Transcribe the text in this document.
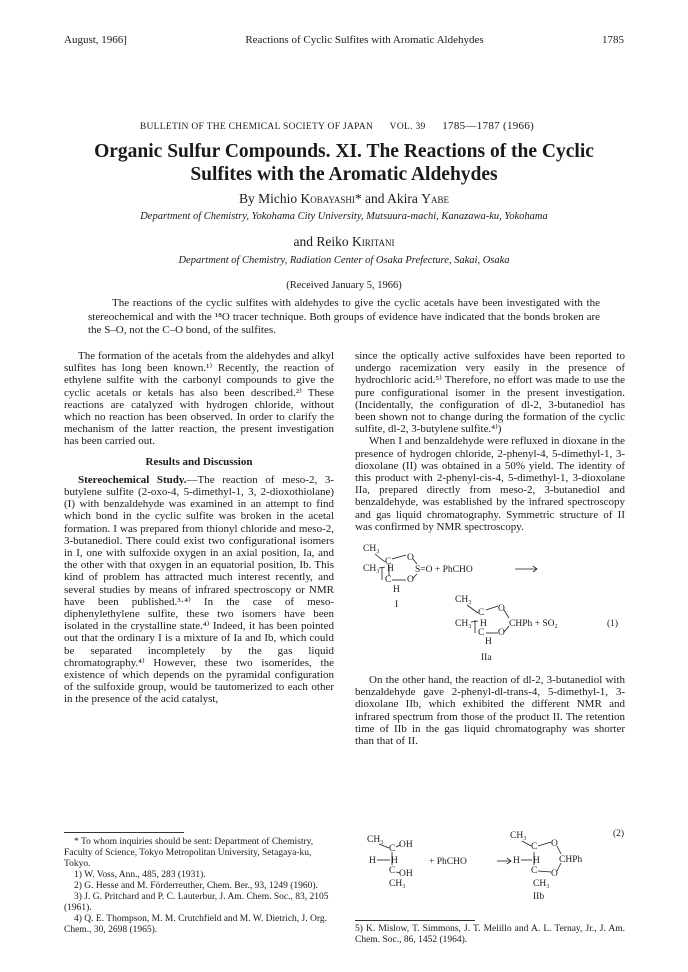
August, 1966]	Reactions of Cyclic Sulfites with Aromatic Aldehydes	1785
BULLETIN OF THE CHEMICAL SOCIETY OF JAPAN VOL. 39 1785—1787 (1966)
Organic Sulfur Compounds. XI. The Reactions of the Cyclic
Sulfites with the Aromatic Aldehydes
By Michio Kobayashi* and Akira Yabe
Department of Chemistry, Yokohama City University, Mutsuura-machi, Kanazawa-ku, Yokohama
and Reiko Kiritani
Department of Chemistry, Radiation Center of Osaka Prefecture, Sakai, Osaka
(Received January 5, 1966)
The reactions of the cyclic sulfites with aldehydes to give the cyclic acetals have been investigated with the stereochemical and with the ¹⁸O tracer technique. Both groups of evidence have indicated that the bonds broken are the S–O, not the C–O bond, of the sulfites.

The formation of the acetals from the aldehydes and alkyl sulfites has long been known.¹⁾ Recently, the reaction of ethylene sulfite with the carbonyl compounds to give the cyclic acetals or ketals has also been described.²⁾ These reactions are catalyzed with hydrogen chloride, without which no reaction has been observed. In order to clarify the mechanism of the latter reaction, the present investigation has been carried out.

Results and Discussion

Stereochemical Study.—The reaction of meso-2, 3-butylene sulfite (2-oxo-4, 5-dimethyl-1, 3, 2-dioxothiolane) (I) with benzaldehyde was examined in an attempt to find which bond in the cyclic sulfite was broken in the acetal formation. I was prepared from thionyl chloride and meso-2, 3-butanediol. There could exist two configurational isomers in I, one with sulfoxide oxygen in an axial position, Ia, and the other with that oxygen in an equatorial position, Ib. This kind of problem has attracted much interest recently, and several studies by means of infrared spectroscopy or NMR have been published.³·⁴⁾ In the case of meso-diphenylethylene sulfite, these two isomers have been isolated in the crystalline state.⁴⁾ Indeed, it has been pointed out that the ordinary I is a mixture of Ia and Ib, which could be separated incompletely by the gas liquid chromatography.⁴⁾ However, these two isomerides, the existence of which depends on the pyramidal configuration of the sulfoxide group, would be tautomerized to each other in the presence of the acid catalyst,

* To whom inquiries should be sent: Department of Chemistry, Faculty of Science, Tokyo Metropolitan University, Setagaya-ku, Tokyo.
1) W. Voss, Ann., 485, 283 (1931).
2) G. Hesse and M. Förderreuther, Chem. Ber., 93, 1249 (1960).
3) J. G. Pritchard and P. C. Lauterbur, J. Am. Chem. Soc., 83, 2105 (1961).
4) Q. E. Thompson, M. M. Crutchfield and M. W. Dietrich, J. Org. Chem., 30, 2698 (1965).

since the optically active sulfoxides have been reported to undergo racemization very easily in the presence of hydrochloric acid.⁵⁾ Therefore, no effort was made to use the pure configurational isomer in the present investigation. (Incidentally, the configuration of dl-2, 3-butanediol has been shown not to change during the formation of the cyclic sulfite, dl-2, 3-butylene sulfite.⁴⁾)

When I and benzaldehyde were refluxed in dioxane in the presence of hydrogen chloride, 2-phenyl-4, 5-dimethyl-1, 3-dioxolane (II) was obtained in a 50% yield. The identity of this product with 2-phenyl-cis-4, 5-dimethyl-1, 3-dioxolane IIa, prepared directly from meso-2, 3-butanediol and benzaldehyde, was established by the infrared spectroscopy and gas liquid chromatography. Symmetric structure of II was confirmed by NMR spectroscopy.

CH₃
CH₃
C
H
C
H
O
O
S=O + PhCHO
I	CH₃
CH₃
C
H
C
H
O
O
CHPh + SO₂	(1)
IIa

On the other hand, the reaction of dl-2, 3-butanediol with benzaldehyde gave 2-phenyl-dl-trans-4, 5-dimethyl-1, 3-dioxolane IIb, which exhibited the different NMR and infrared spectrum from those of the product II. The retention time of IIb in the gas liquid chromatography was shorter than that of II.

(2)
CH₃
C OH
H H
C OH
CH₃
+ PhCHO
CH₃
C O
H H CHPh
C O
CH₃
IIb
5) K. Mislow, T. Simmons, J. T. Melillo and A. L. Ternay, Jr., J. Am. Chem. Soc., 86, 1452 (1964).
